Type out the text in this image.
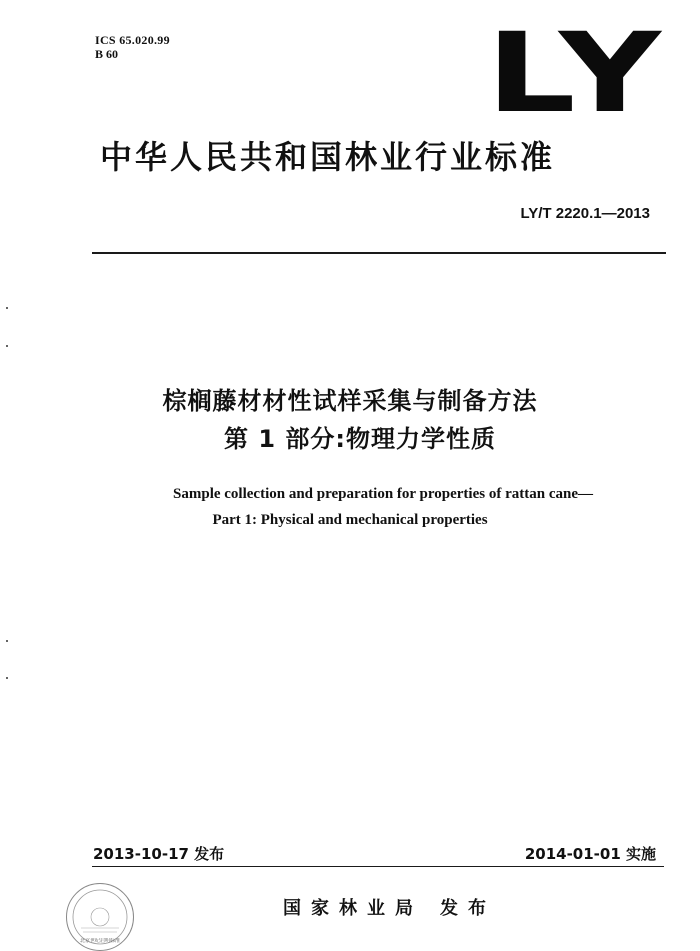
ICS 65.020.99
B 60	LY
中华人民共和国林业行业标准
LY/T 2220.1—2013
棕榈藤材材性试样采集与制备方法
第 1 部分:物理力学性质
Sample collection and preparation for properties of rattan cane—
Part 1: Physical and mechanical properties
2013-10-17 发布	2014-01-01 实施
北京世纪启明标准
国家林业局 发布
